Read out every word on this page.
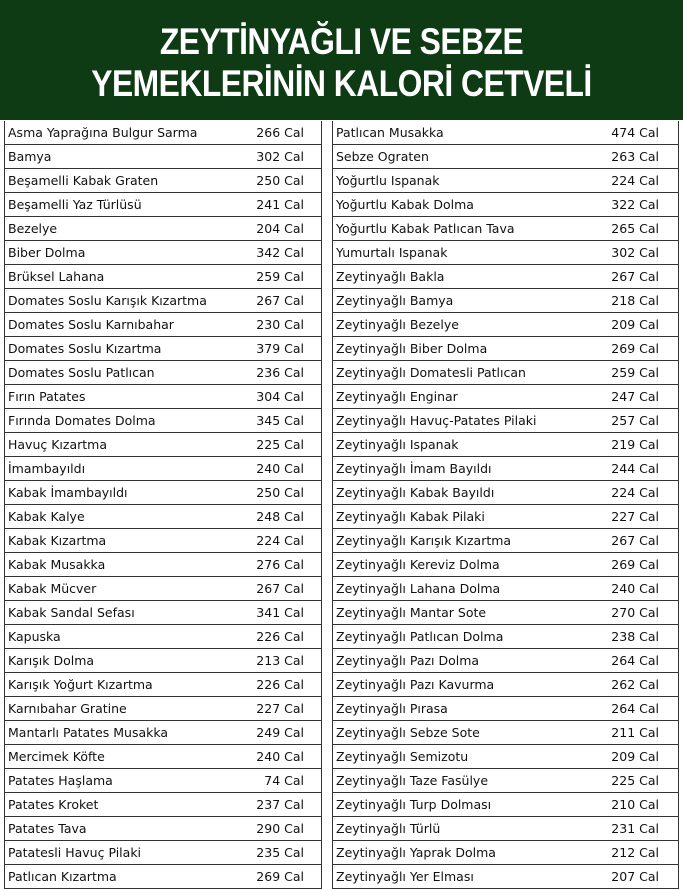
ZEYTİNYAĞLI VE SEBZE
YEMEKLERİNİN KALORİ CETVELİ
Asma Yaprağına Bulgur Sarma	266 Cal
Bamya	302 Cal
Beşamelli Kabak Graten	250 Cal
Beşamelli Yaz Türlüsü	241 Cal
Bezelye	204 Cal
Biber Dolma	342 Cal
Brüksel Lahana	259 Cal
Domates Soslu Karışık Kızartma	267 Cal
Domates Soslu Karnıbahar	230 Cal
Domates Soslu Kızartma	379 Cal
Domates Soslu Patlıcan	236 Cal
Fırın Patates	304 Cal
Fırında Domates Dolma	345 Cal
Havuç Kızartma	225 Cal
İmambayıldı	240 Cal
Kabak İmambayıldı	250 Cal
Kabak Kalye	248 Cal
Kabak Kızartma	224 Cal
Kabak Musakka	276 Cal
Kabak Mücver	267 Cal
Kabak Sandal Sefası	341 Cal
Kapuska	226 Cal
Karışık Dolma	213 Cal
Karışık Yoğurt Kızartma	226 Cal
Karnıbahar Gratine	227 Cal
Mantarlı Patates Musakka	249 Cal
Mercimek Köfte	240 Cal
Patates Haşlama	74 Cal
Patates Kroket	237 Cal
Patates Tava	290 Cal
Patatesli Havuç Pilaki	235 Cal
Patlıcan Kızartma	269 Cal
Patlıcan Musakka	474 Cal
Sebze Ograten	263 Cal
Yoğurtlu Ispanak	224 Cal
Yoğurtlu Kabak Dolma	322 Cal
Yoğurtlu Kabak Patlıcan Tava	265 Cal
Yumurtalı Ispanak	302 Cal
Zeytinyağlı Bakla	267 Cal
Zeytinyağlı Bamya	218 Cal
Zeytinyağlı Bezelye	209 Cal
Zeytinyağlı Biber Dolma	269 Cal
Zeytinyağlı Domatesli Patlıcan	259 Cal
Zeytinyağlı Enginar	247 Cal
Zeytinyağlı Havuç-Patates Pilaki	257 Cal
Zeytinyağlı Ispanak	219 Cal
Zeytinyağlı İmam Bayıldı	244 Cal
Zeytinyağlı Kabak Bayıldı	224 Cal
Zeytinyağlı Kabak Pilaki	227 Cal
Zeytinyağlı Karışık Kızartma	267 Cal
Zeytinyağlı Kereviz Dolma	269 Cal
Zeytinyağlı Lahana Dolma	240 Cal
Zeytinyağlı Mantar Sote	270 Cal
Zeytinyağlı Patlıcan Dolma	238 Cal
Zeytinyağlı Pazı Dolma	264 Cal
Zeytinyağlı Pazı Kavurma	262 Cal
Zeytinyağlı Pırasa	264 Cal
Zeytinyağlı Sebze Sote	211 Cal
Zeytinyağlı Semizotu	209 Cal
Zeytinyağlı Taze Fasülye	225 Cal
Zeytinyağlı Turp Dolması	210 Cal
Zeytinyağlı Türlü	231 Cal
Zeytinyağlı Yaprak Dolma	212 Cal
Zeytinyağlı Yer Elması	207 Cal
